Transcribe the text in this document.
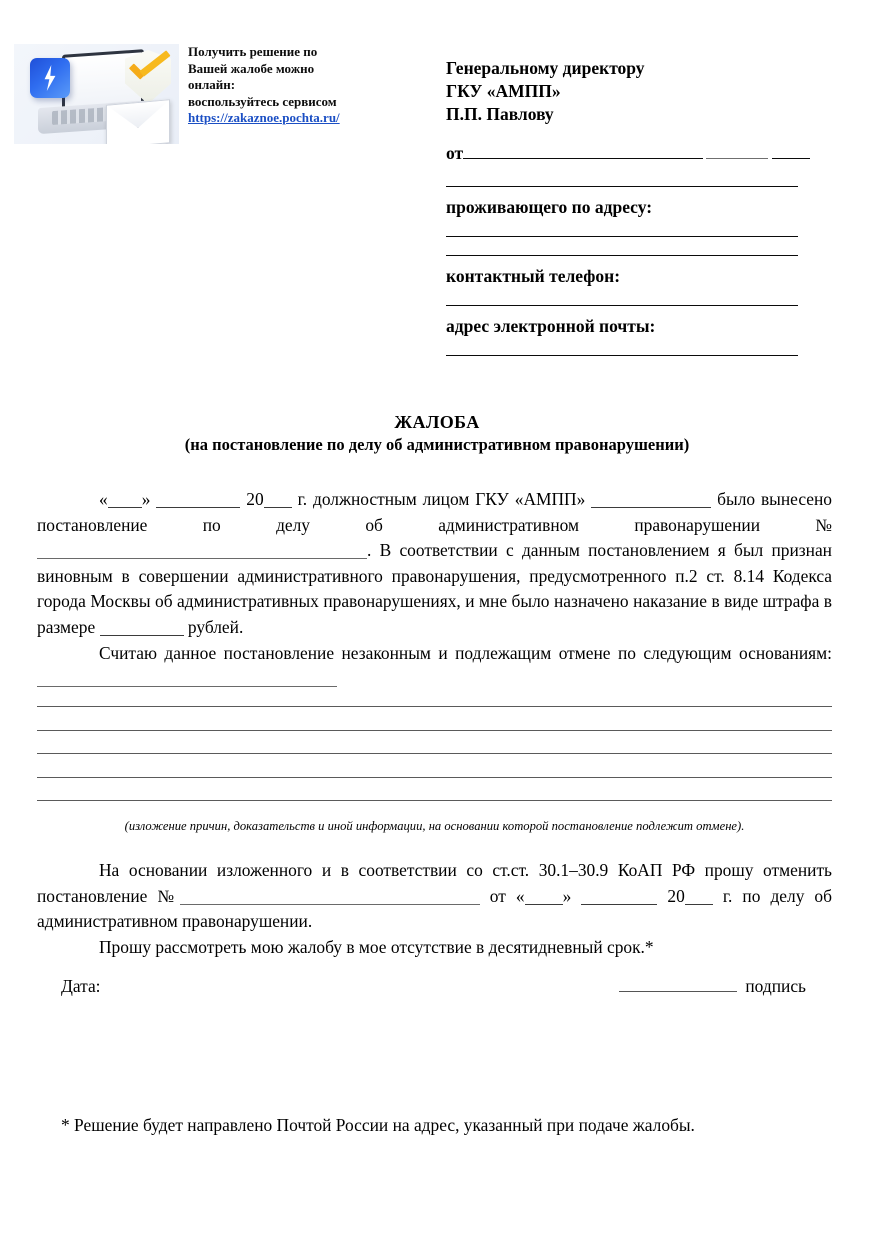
Получить решение по
Вашей жалобе можно
онлайн:
воспользуйтесь сервисом
https://zakaznoe.pochta.ru/
Генеральному директору
ГКУ «АМПП»
П.П. Павлову
от
проживающего по адресу:
контактный телефон:
адрес электронной почты:
ЖАЛОБА
(на постановление по делу об административном правонарушении)

« »	20 г. должностным лицом ГКУ «АМПП»	было вынесено постановление по делу об административном правонарушении	№. В соответствии с данным постановлением я был признан виновным в совершении административного правонарушения, предусмотренного п.2 ст. 8.14 Кодекса города Москвы об административных правонарушениях, и мне было назначено наказание в виде штрафа в размере	рублей.

Считаю данное постановление незаконным и подлежащим отмене по следующим основаниям:

(изложение причин, доказательств и иной информации, на основании которой постановление подлежит отмене).

На основании изложенного и в соответствии со ст.ст. 30.1–30.9 КоАП РФ прошу отменить постановление №	от « »	20 г. по делу об административном правонарушении.

Прошу рассмотреть мою жалобу в мое отсутствие в десятидневный срок.*

Дата:	подпись
* Решение будет направлено Почтой России на адрес, указанный при подаче жалобы.
